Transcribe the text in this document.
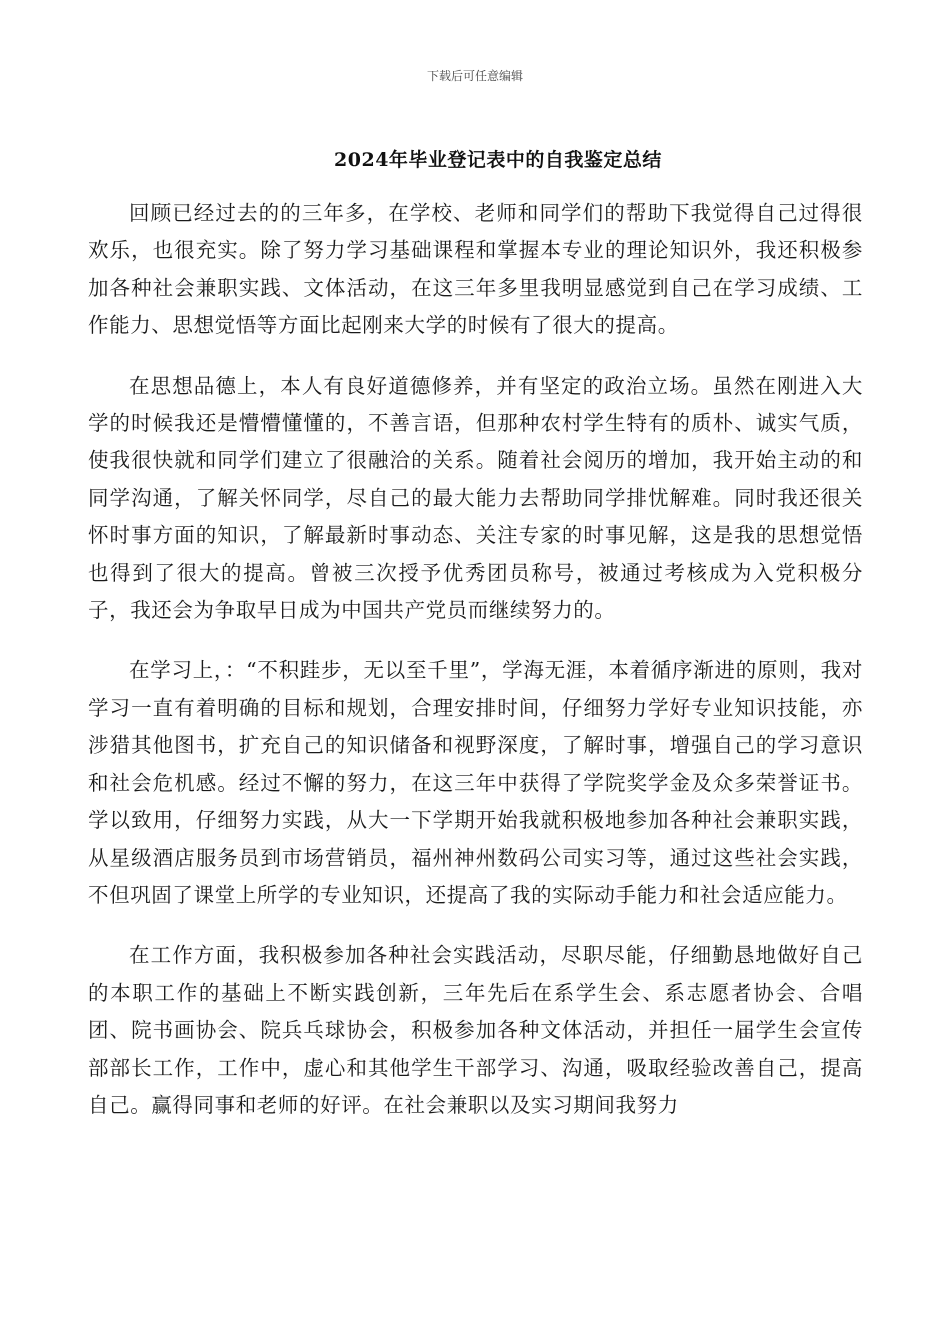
下载后可任意编辑
2024年毕业登记表中的自我鉴定总结

回顾已经过去的的三年多，在学校、老师和同学们的帮助下我觉得自己过得很欢乐，也很充实。除了努力学习基础课程和掌握本专业的理论知识外，我还积极参加各种社会兼职实践、文体活动，在这三年多里我明显感觉到自己在学习成绩、工作能力、思想觉悟等方面比起刚来大学的时候有了很大的提高。

在思想品德上，本人有良好道德修养，并有坚定的政治立场。虽然在刚进入大学的时候我还是懵懵懂懂的，不善言语，但那种农村学生特有的质朴、诚实气质，使我很快就和同学们建立了很融洽的关系。随着社会阅历的增加，我开始主动的和同学沟通，了解关怀同学，尽自己的最大能力去帮助同学排忧解难。同时我还很关怀时事方面的知识，了解最新时事动态、关注专家的时事见解，这是我的思想觉悟也得到了很大的提高。曾被三次授予优秀团员称号，被通过考核成为入党积极分子，我还会为争取早日成为中国共产党员而继续努力的。

在学习上，：“不积跬步，无以至千里”，学海无涯，本着循序渐进的原则，我对学习一直有着明确的目标和规划，合理安排时间，仔细努力学好专业知识技能，亦涉猎其他图书，扩充自己的知识储备和视野深度，了解时事，增强自己的学习意识和社会危机感。经过不懈的努力，在这三年中获得了学院奖学金及众多荣誉证书。学以致用，仔细努力实践，从大一下学期开始我就积极地参加各种社会兼职实践，从星级酒店服务员到市场营销员，福州神州数码公司实习等，通过这些社会实践，不但巩固了课堂上所学的专业知识，还提高了我的实际动手能力和社会适应能力。

在工作方面，我积极参加各种社会实践活动，尽职尽能，仔细勤恳地做好自己的本职工作的基础上不断实践创新，三年先后在系学生会、系志愿者协会、合唱团、院书画协会、院兵乓球协会，积极参加各种文体活动，并担任一届学生会宣传部部长工作，工作中，虚心和其他学生干部学习、沟通，吸取经验改善自己，提高自己。赢得同事和老师的好评。在社会兼职以及实习期间我努力
